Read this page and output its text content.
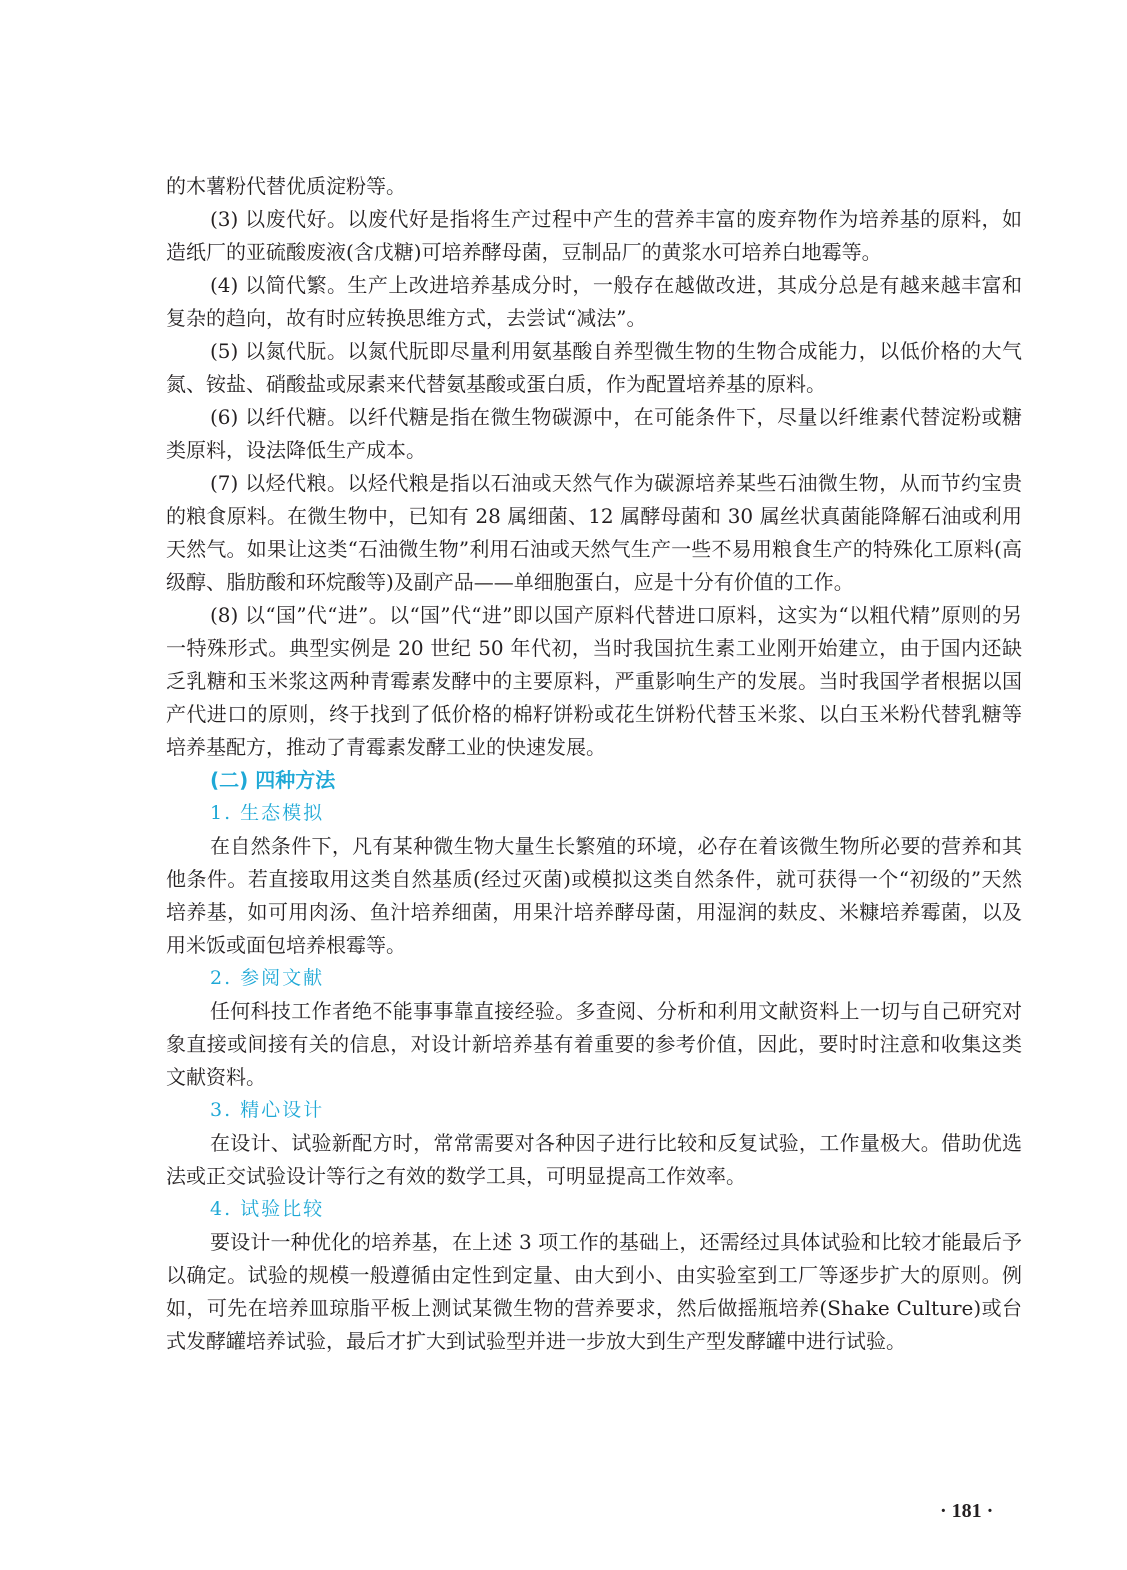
的木薯粉代替优质淀粉等。

(3) 以废代好。以废代好是指将生产过程中产生的营养丰富的废弃物作为培养基的原料，如造纸厂的亚硫酸废液(含戊糖)可培养酵母菌，豆制品厂的黄浆水可培养白地霉等。

(4) 以简代繁。生产上改进培养基成分时，一般存在越做改进，其成分总是有越来越丰富和复杂的趋向，故有时应转换思维方式，去尝试“减法”。

(5) 以氮代朊。以氮代朊即尽量利用氨基酸自养型微生物的生物合成能力，以低价格的大气氮、铵盐、硝酸盐或尿素来代替氨基酸或蛋白质，作为配置培养基的原料。

(6) 以纤代糖。以纤代糖是指在微生物碳源中，在可能条件下，尽量以纤维素代替淀粉或糖类原料，设法降低生产成本。

(7) 以烃代粮。以烃代粮是指以石油或天然气作为碳源培养某些石油微生物，从而节约宝贵的粮食原料。在微生物中，已知有 28 属细菌、12 属酵母菌和 30 属丝状真菌能降解石油或利用天然气。如果让这类“石油微生物”利用石油或天然气生产一些不易用粮食生产的特殊化工原料(高级醇、脂肪酸和环烷酸等)及副产品——单细胞蛋白，应是十分有价值的工作。

(8) 以“国”代“进”。以“国”代“进”即以国产原料代替进口原料，这实为“以粗代精”原则的另一特殊形式。典型实例是 20 世纪 50 年代初，当时我国抗生素工业刚开始建立，由于国内还缺乏乳糖和玉米浆这两种青霉素发酵中的主要原料，严重影响生产的发展。当时我国学者根据以国产代进口的原则，终于找到了低价格的棉籽饼粉或花生饼粉代替玉米浆、以白玉米粉代替乳糖等培养基配方，推动了青霉素发酵工业的快速发展。

(二) 四种方法
1. 生态模拟

在自然条件下，凡有某种微生物大量生长繁殖的环境，必存在着该微生物所必要的营养和其他条件。若直接取用这类自然基质(经过灭菌)或模拟这类自然条件，就可获得一个“初级的”天然培养基，如可用肉汤、鱼汁培养细菌，用果汁培养酵母菌，用湿润的麸皮、米糠培养霉菌，以及用米饭或面包培养根霉等。

2. 参阅文献

任何科技工作者绝不能事事靠直接经验。多查阅、分析和利用文献资料上一切与自己研究对象直接或间接有关的信息，对设计新培养基有着重要的参考价值，因此，要时时注意和收集这类文献资料。

3. 精心设计

在设计、试验新配方时，常常需要对各种因子进行比较和反复试验，工作量极大。借助优选法或正交试验设计等行之有效的数学工具，可明显提高工作效率。

4. 试验比较

要设计一种优化的培养基，在上述 3 项工作的基础上，还需经过具体试验和比较才能最后予以确定。试验的规模一般遵循由定性到定量、由大到小、由实验室到工厂等逐步扩大的原则。例如，可先在培养皿琼脂平板上测试某微生物的营养要求，然后做摇瓶培养(Shake Culture)或台式发酵罐培养试验，最后才扩大到试验型并进一步放大到生产型发酵罐中进行试验。

· 181 ·
